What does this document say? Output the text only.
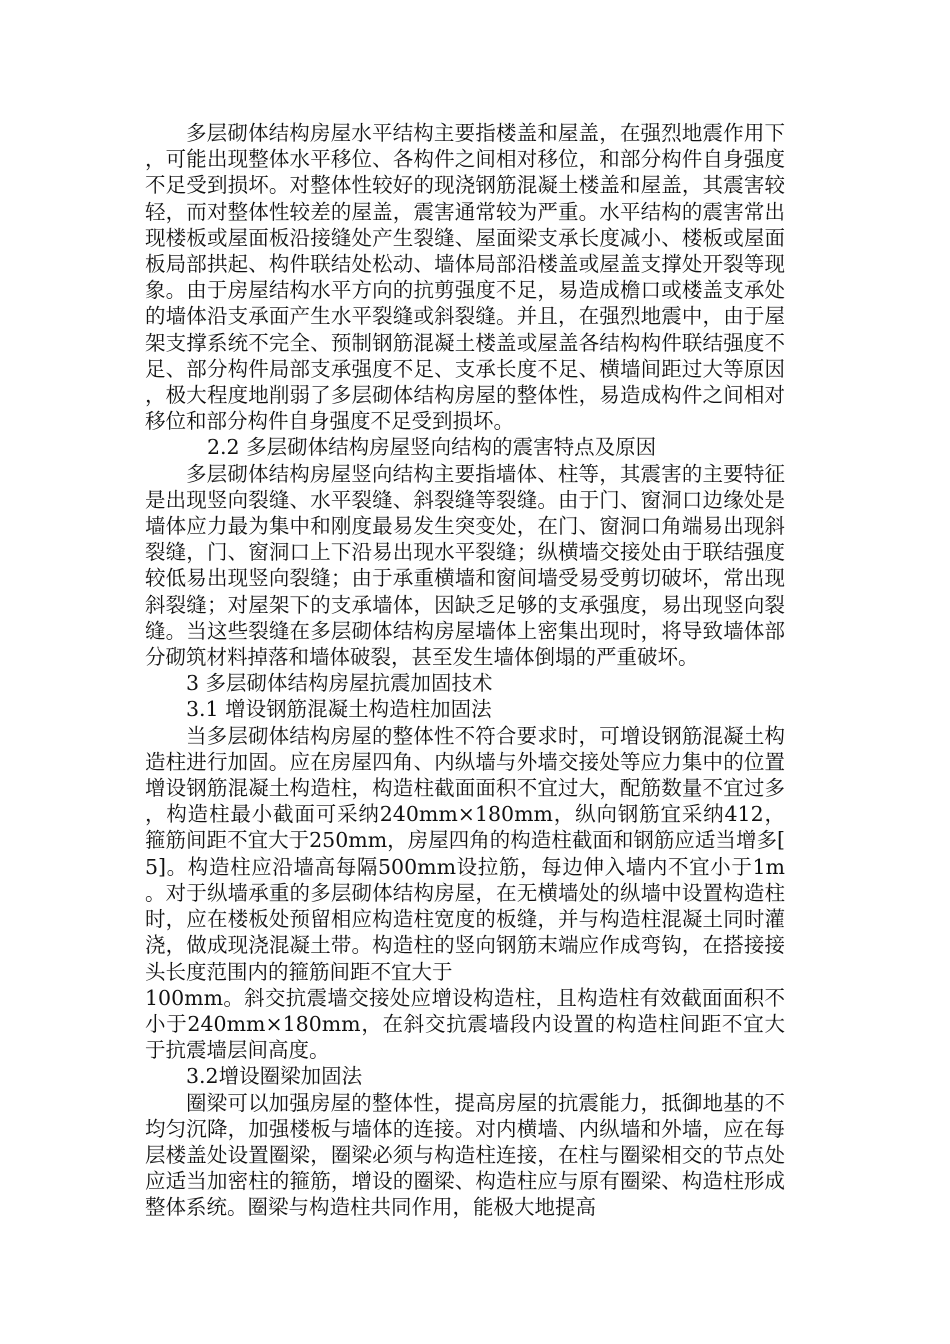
多层砌体结构房屋水平结构主要指楼盖和屋盖，在强烈地震作用下，可能出现整体水平移位、各构件之间相对移位，和部分构件自身强度不足受到损坏。对整体性较好的现浇钢筋混凝土楼盖和屋盖，其震害较轻，而对整体性较差的屋盖，震害通常较为严重。水平结构的震害常出现楼板或屋面板沿接缝处产生裂缝、屋面梁支承长度减小、楼板或屋面板局部拱起、构件联结处松动、墙体局部沿楼盖或屋盖支撑处开裂等现象。由于房屋结构水平方向的抗剪强度不足，易造成檐口或楼盖支承处的墙体沿支承面产生水平裂缝或斜裂缝。并且，在强烈地震中，由于屋架支撑系统不完全、预制钢筋混凝土楼盖或屋盖各结构构件联结强度不足、部分构件局部支承强度不足、支承长度不足、横墙间距过大等原因，极大程度地削弱了多层砌体结构房屋的整体性，易造成构件之间相对移位和部分构件自身强度不足受到损坏。

2.2 多层砌体结构房屋竖向结构的震害特点及原因

多层砌体结构房屋竖向结构主要指墙体、柱等，其震害的主要特征是出现竖向裂缝、水平裂缝、斜裂缝等裂缝。由于门、窗洞口边缘处是墙体应力最为集中和刚度最易发生突变处，在门、窗洞口角端易出现斜裂缝，门、窗洞口上下沿易出现水平裂缝；纵横墙交接处由于联结强度较低易出现竖向裂缝；由于承重横墙和窗间墙受易受剪切破坏，常出现斜裂缝；对屋架下的支承墙体，因缺乏足够的支承强度，易出现竖向裂缝。当这些裂缝在多层砌体结构房屋墙体上密集出现时，将导致墙体部分砌筑材料掉落和墙体破裂，甚至发生墙体倒塌的严重破坏。

3 多层砌体结构房屋抗震加固技术

3.1 增设钢筋混凝土构造柱加固法

当多层砌体结构房屋的整体性不符合要求时，可增设钢筋混凝土构造柱进行加固。应在房屋四角、内纵墙与外墙交接处等应力集中的位置增设钢筋混凝土构造柱，构造柱截面面积不宜过大，配筋数量不宜过多，构造柱最小截面可采纳240mm×180mm，纵向钢筋宜采纳412，箍筋间距不宜大于250mm，房屋四角的构造柱截面和钢筋应适当增多[5]。构造柱应沿墙高每隔500mm设拉筋，每边伸入墙内不宜小于1m。对于纵墙承重的多层砌体结构房屋，在无横墙处的纵墙中设置构造柱时，应在楼板处预留相应构造柱宽度的板缝，并与构造柱混凝土同时灌浇，做成现浇混凝土带。构造柱的竖向钢筋末端应作成弯钩，在搭接接头长度范围内的箍筋间距不宜大于

100mm。斜交抗震墙交接处应增设构造柱，且构造柱有效截面面积不小于240mm×180mm，在斜交抗震墙段内设置的构造柱间距不宜大于抗震墙层间高度。

3.2增设圈梁加固法

圈梁可以加强房屋的整体性，提高房屋的抗震能力，抵御地基的不均匀沉降，加强楼板与墙体的连接。对内横墙、内纵墙和外墙，应在每层楼盖处设置圈梁，圈梁必须与构造柱连接，在柱与圈梁相交的节点处应适当加密柱的箍筋，增设的圈梁、构造柱应与原有圈梁、构造柱形成整体系统。圈梁与构造柱共同作用，能极大地提高
